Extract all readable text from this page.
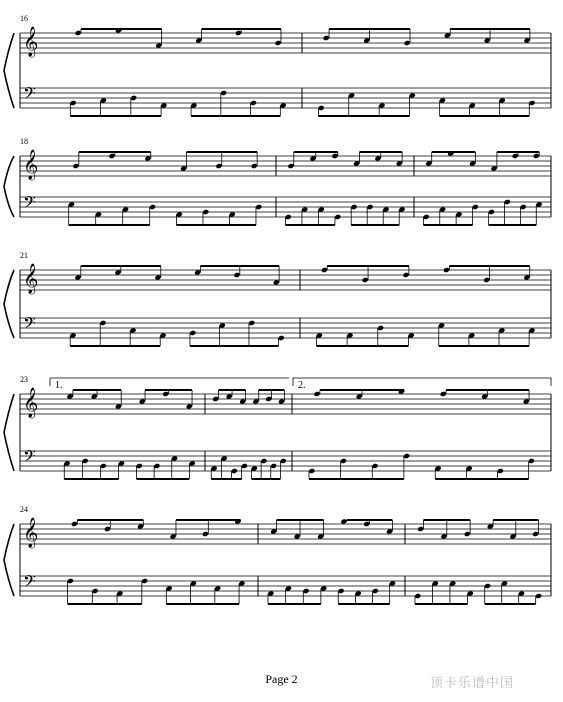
𝄞
𝄢
16
𝄞
𝄢
18
𝄞
𝄢
21
𝄞
𝄢
23
1.	2.
𝄞
𝄢
24
Page 2	顶卡乐谱中国
